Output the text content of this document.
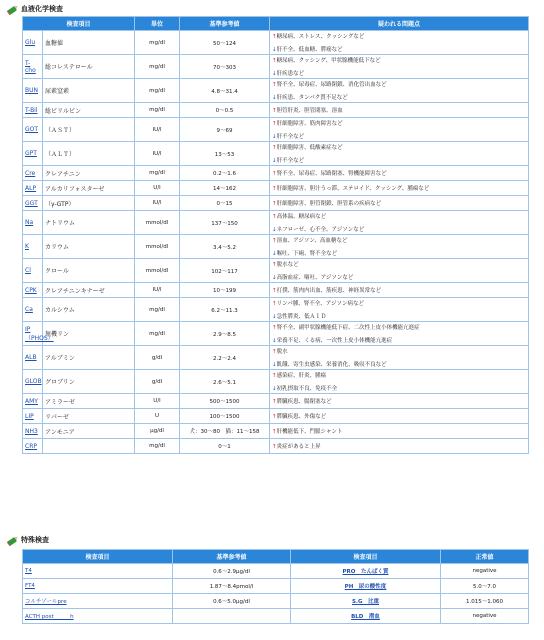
血液化学検査
検査項目		単位	基準参考値	疑われる問題点
Glu	血糖値	mg/dl	50～124	↑糖尿病、ストレス、クッシングなど
↓肝不全、低血糖、膵癌など

T-cho	総コレステロール	mg/dl	70～303	↑糖尿病、クッシング、甲状腺機能低下など
↓肝疾患など

BUN	尿素窒素	mg/dl	4.8～31.4	↑腎不全、尿毒症、尿路閉鎖、消化管出血など
↓肝疾患、タンパク質不足など

T-Bil	総ビリルビン	mg/dl	0～0.5	↑胆管肝炎、胆管閉塞、溶血

GOT	（ＡＳＴ）	IU/l	9～69	↑肝細胞障害、筋肉障害など
↓肝不全など

GPT	（ＡＬＴ）	IU/l	13～53	↑肝細胞障害、低酸素症など
↓肝不全など

Cre	クレアチニン	mg/dl	0.2～1.6	↑腎不全、尿毒症、尿路閉塞、腎機能障害など

ALP	アルカリフォスターゼ	U/l	14～162	↑肝細胞障害、胆汁うっ滞、ステロイド、クッシング、腫瘍など

GGT	（γ-GTP）	IU/l	0～15	↑肝細胞障害、胆管閉鎖、胆管系の疾病など

Na	ナトリウム	mmol/dl	137～150	↑高体温、糖尿病など
↓ネフローゼ、心不全、アジソンなど

K	カリウム	mmol/dl	3.4～5.2	↑溶血、アジソン、高血糖など
↓嘔吐、下痢、腎不全など

Cl	クロール	mmol/dl	102～117	↑脱水など
↓高脂血症、嘔吐、アジソンなど

CPK	クレアチニンキナーゼ	IU/l	10～199	↑打撲、筋肉内出血、筋疾患、神経異常など

Ca	カルシウム	mg/dl	6.2～11.3	↑リンパ腫、腎不全、アジソン病など
↓急性膵炎、低ＡＩＤ

IP（PHOS）	無機リン	mg/dl	2.9～8.5	↑腎不全、副甲状腺機能低下症、二次性上皮小体機能亢進症
↓栄養不足、くる病、一次性上皮小体機能亢進症

ALB	アルブミン	g/dl	2.2～2.4	↑脱水
↓飢餓、寄生虫感染、栄養消化、吸収不良など

GLOB	グロブリン	g/dl	2.6～5.1	↑感染症、肝炎、腫瘍
↓初乳摂取不良、免疫不全

AMY	アミラーゼ	U/l	500～1500	↑膵臓疾患、腸閉塞など

LIP	リパーゼ	U	100～1500	↑膵臓疾患、外傷など

NH3	アンモニア	μg/dl	犬：30～80　猫：11～158	↑肝機能低下、門脈シャント

CRP		mg/dl	0～1	↑炎症があると上昇
特殊検査
検査項目	基準参考値	検査項目	正常値
T4	0.6～2.9μg/dl	PRO　たんぱく質	negative
FT4	1.87～8.4pmol/l	PH　尿の酸性度	5.0～7.0
コルチゾールpre	0.6～5.0μg/dl	S.G　比重	1.015～1.060
ACTH post　　　h		BLD　潜血	negative
